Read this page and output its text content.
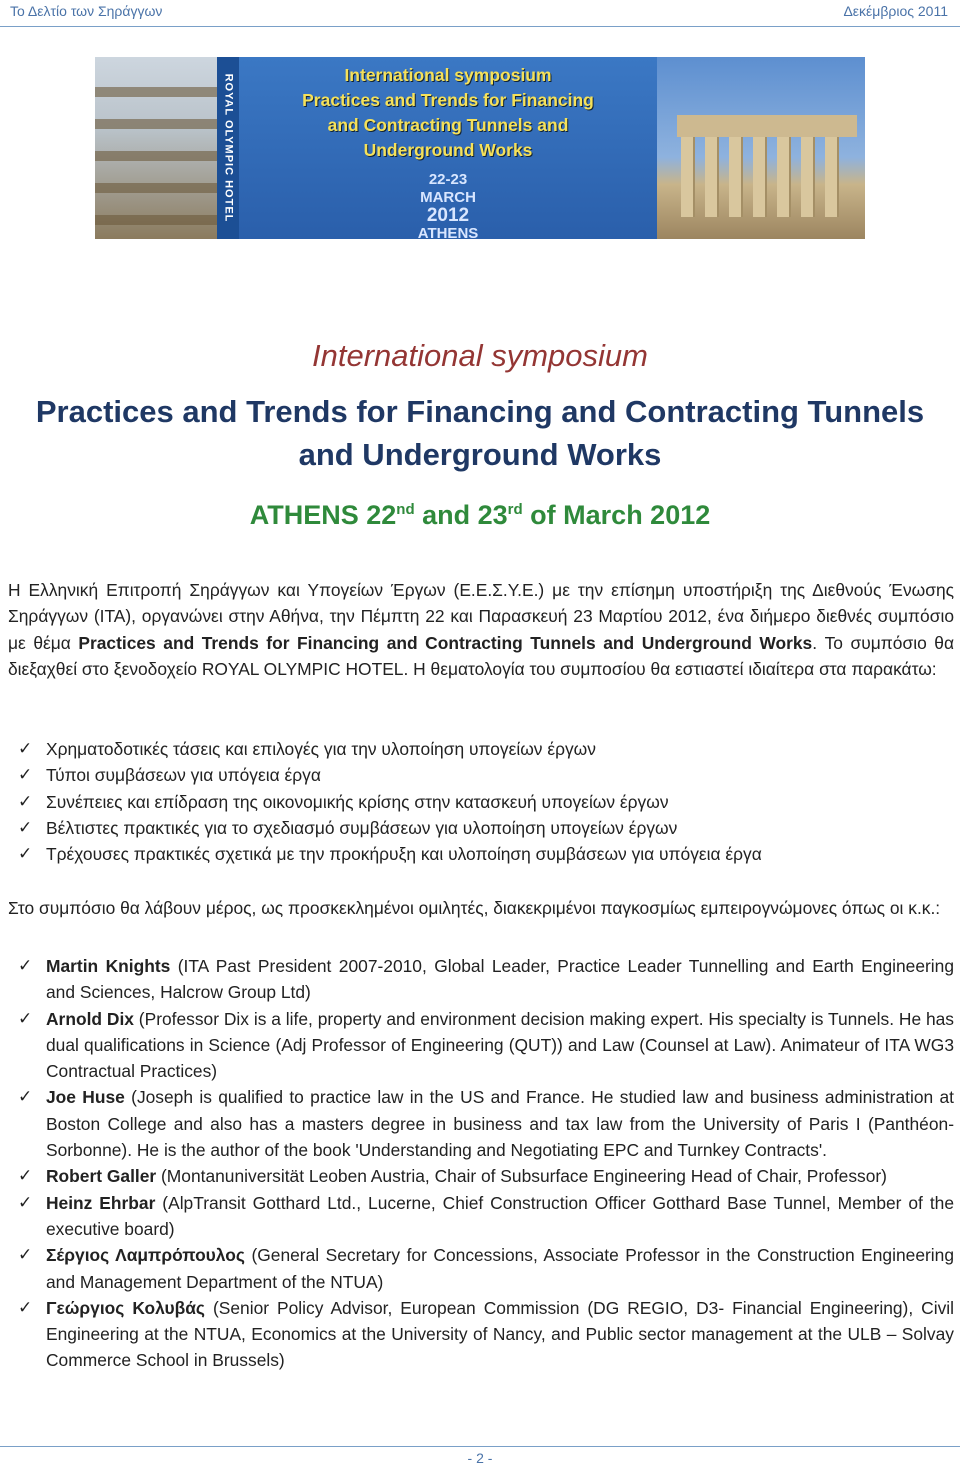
Το Δελτίο των Σηράγγων	Δεκέμβριος 2011
ROYAL OLYMPIC HOTEL	International symposium
Practices and Trends for Financing
and Contracting Tunnels and
Underground Works
22-23
MARCH
2012
ATHENS
International symposium
Practices and Trends for Financing and Contracting Tunnels and Underground Works
ATHENS 22nd and 23rd of March 2012
Η Ελληνική Επιτροπή Σηράγγων και Υπογείων Έργων (Ε.Ε.Σ.Υ.Ε.) με την επίσημη υποστήριξη της Διεθνούς Ένωσης Σηράγγων (ITA), οργανώνει στην Αθήνα, την Πέμπτη 22 και Παρασκευή 23 Μαρτίου 2012, ένα διήμερο διεθνές συμπόσιο με θέμα Practices and Trends for Financing and Contracting Tunnels and Underground Works. Το συμπόσιο θα διεξαχθεί στο ξενοδοχείο ROYAL OLYMPIC HOTEL. Η θεματολογία του συμποσίου θα εστιαστεί ιδιαίτερα στα παρακάτω:
✓ Χρηματοδοτικές τάσεις και επιλογές για την υλοποίηση υπογείων έργων
✓ Τύποι συμβάσεων για υπόγεια έργα
✓ Συνέπειες και επίδραση της οικονομικής κρίσης στην κατασκευή υπογείων έργων
✓ Βέλτιστες πρακτικές για το σχεδιασμό συμβάσεων για υλοποίηση υπογείων έργων
✓ Τρέχουσες πρακτικές σχετικά με την προκήρυξη και υλοποίηση συμβάσεων για υπόγεια έργα
Στο συμπόσιο θα λάβουν μέρος, ως προσκεκλημένοι ομιλητές, διακεκριμένοι παγκοσμίως εμπειρογνώμονες όπως οι κ.κ.:
✓ Martin Knights (ITA Past President 2007-2010, Global Leader, Practice Leader Tunnelling and Earth Engineering and Sciences, Halcrow Group Ltd)
✓ Arnold Dix (Professor Dix is a life, property and environment decision making expert. His specialty is Tunnels. He has dual qualifications in Science (Adj Professor of Engineering (QUT)) and Law (Counsel at Law). Animateur of ITA WG3 Contractual Practices)
✓ Joe Huse (Joseph is qualified to practice law in the US and France. He studied law and business administration at Boston College and also has a masters degree in business and tax law from the University of Paris I (Panthéon-Sorbonne). He is the author of the book 'Understanding and Negotiating EPC and Turnkey Contracts'.
✓ Robert Galler (Montanuniversität Leoben Austria, Chair of Subsurface Engineering Head of Chair, Professor)
✓ Heinz Ehrbar (AlpTransit Gotthard Ltd., Lucerne, Chief Construction Officer Gotthard Base Tunnel, Member of the executive board)
✓ Σέργιος Λαμπρόπουλος (General Secretary for Concessions, Associate Professor in the Construction Engineering and Management Department of the NTUA)
✓ Γεώργιος Κολυβάς (Senior Policy Advisor, European Commission (DG REGIO, D3- Financial Engineering), Civil Engineering at the NTUA, Economics at the University of Nancy, and Public sector management at the ULB – Solvay Commerce School in Brussels)
- 2 -
